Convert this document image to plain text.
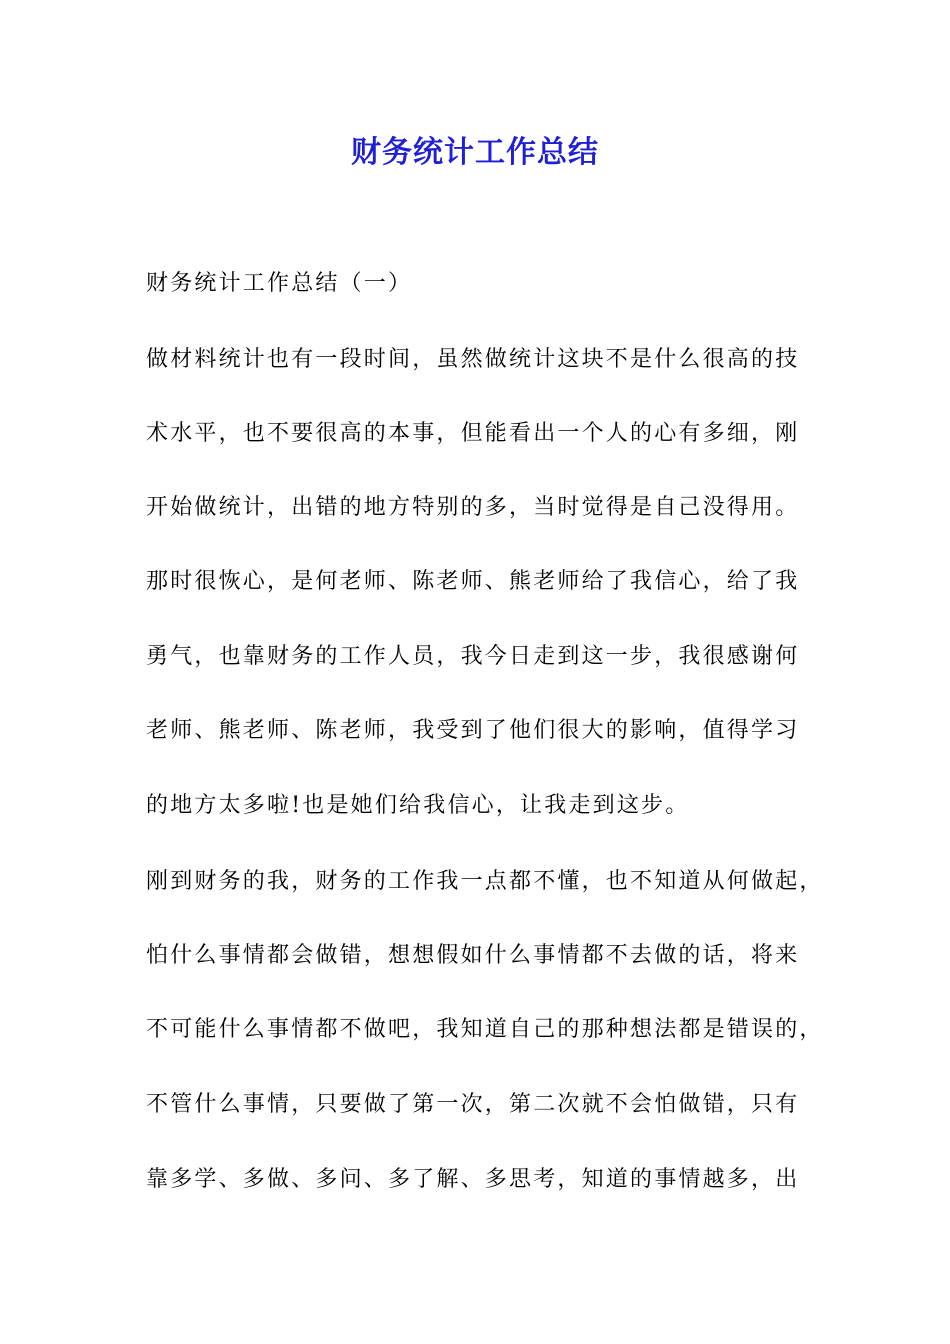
财务统计工作总结
财务统计工作总结（一）
做材料统计也有一段时间，虽然做统计这块不是什么很高的技
术水平，也不要很高的本事，但能看出一个人的心有多细，刚
开始做统计，出错的地方特别的多，当时觉得是自己没得用。
那时很恢心，是何老师、陈老师、熊老师给了我信心，给了我
勇气，也靠财务的工作人员，我今日走到这一步，我很感谢何
老师、熊老师、陈老师，我受到了他们很大的影响，值得学习
的地方太多啦!也是她们给我信心，让我走到这步。
刚到财务的我，财务的工作我一点都不懂，也不知道从何做起，
怕什么事情都会做错，想想假如什么事情都不去做的话，将来
不可能什么事情都不做吧，我知道自己的那种想法都是错误的，
不管什么事情，只要做了第一次，第二次就不会怕做错，只有
靠多学、多做、多问、多了解、多思考，知道的事情越多，出
